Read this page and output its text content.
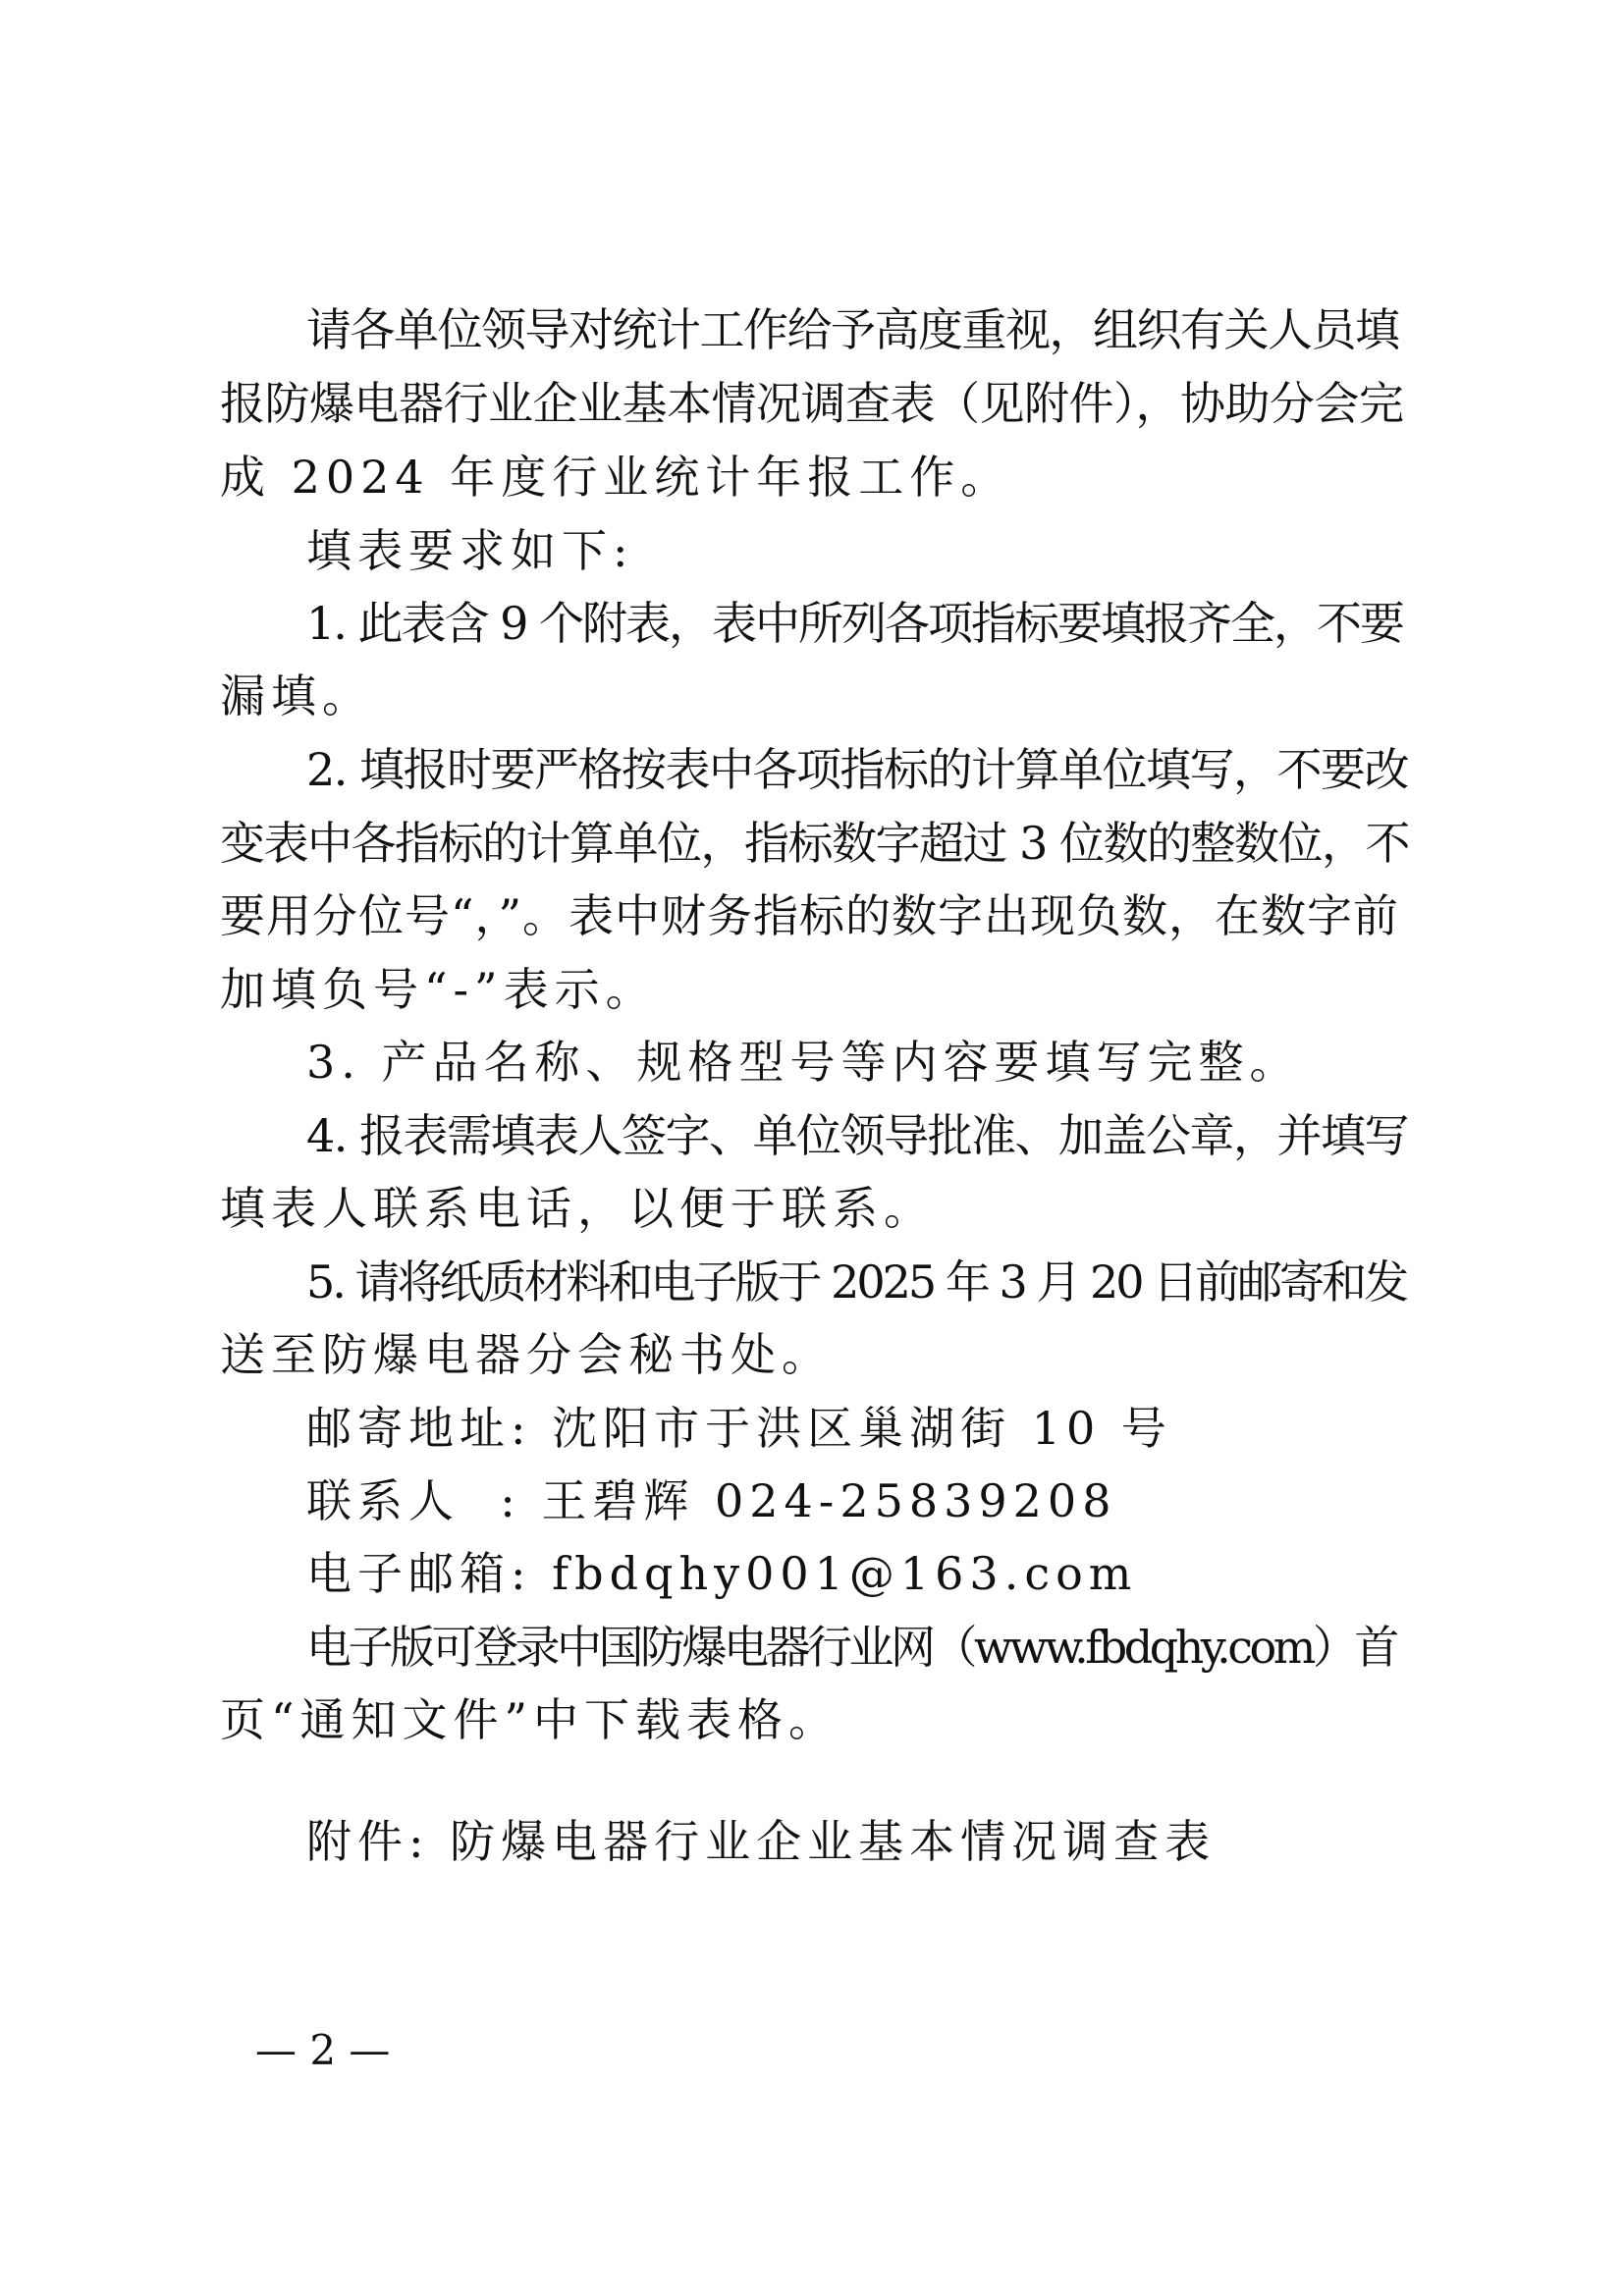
请各单位领导对统计工作给予高度重视，组织有关人员填
报防爆电器行业企业基本情况调查表（见附件），协助分会完
成 2024 年度行业统计年报工作。
填表要求如下:
1. 此表含 9 个附表，表中所列各项指标要填报齐全，不要
漏填。
2. 填报时要严格按表中各项指标的计算单位填写，不要改
变表中各指标的计算单位，指标数字超过 3 位数的整数位，不
要用分位号“，”。表中财务指标的数字出现负数，在数字前
加填负号“-”表示。
3. 产品名称、规格型号等内容要填写完整。
4. 报表需填表人签字、单位领导批准、加盖公章，并填写
填表人联系电话，以便于联系。
5. 请将纸质材料和电子版于 2025 年 3 月 20 日前邮寄和发
送至防爆电器分会秘书处。
邮寄地址: 沈阳市于洪区巢湖街 10 号
联系人  : 王碧辉 024-25839208
电子邮箱: fbdqhy001@163.com
电子版可登录中国防爆电器行业网（www.fbdqhy.com）首
页“通知文件”中下载表格。
附件: 防爆电器行业企业基本情况调查表
— 2 —
